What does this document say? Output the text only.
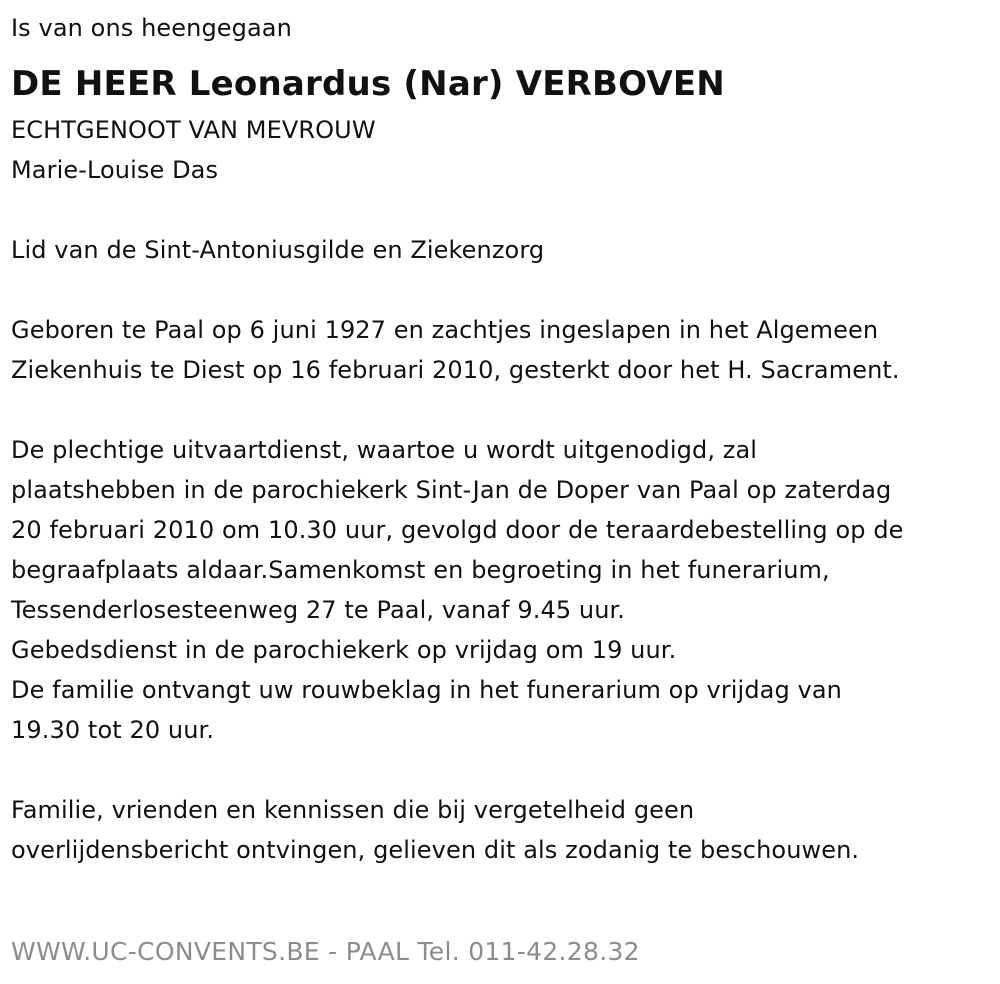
Is van ons heengegaan
DE HEER Leonardus (Nar) VERBOVEN
ECHTGENOOT VAN MEVROUW
Marie-Louise Das
Lid van de Sint-Antoniusgilde en Ziekenzorg
Geboren te Paal op 6 juni 1927 en zachtjes ingeslapen in het Algemeen
Ziekenhuis te Diest op 16 februari 2010, gesterkt door het H. Sacrament.
De plechtige uitvaartdienst, waartoe u wordt uitgenodigd, zal
plaatshebben in de parochiekerk Sint-Jan de Doper van Paal op zaterdag
20 februari 2010 om 10.30 uur, gevolgd door de teraardebestelling op de
begraafplaats aldaar.Samenkomst en begroeting in het funerarium,
Tessenderlosesteenweg 27 te Paal, vanaf 9.45 uur.
Gebedsdienst in de parochiekerk op vrijdag om 19 uur.
De familie ontvangt uw rouwbeklag in het funerarium op vrijdag van
19.30 tot 20 uur.
Familie, vrienden en kennissen die bij vergetelheid geen
overlijdensbericht ontvingen, gelieven dit als zodanig te beschouwen.
WWW.UC-CONVENTS.BE - PAAL Tel. 011-42.28.32
